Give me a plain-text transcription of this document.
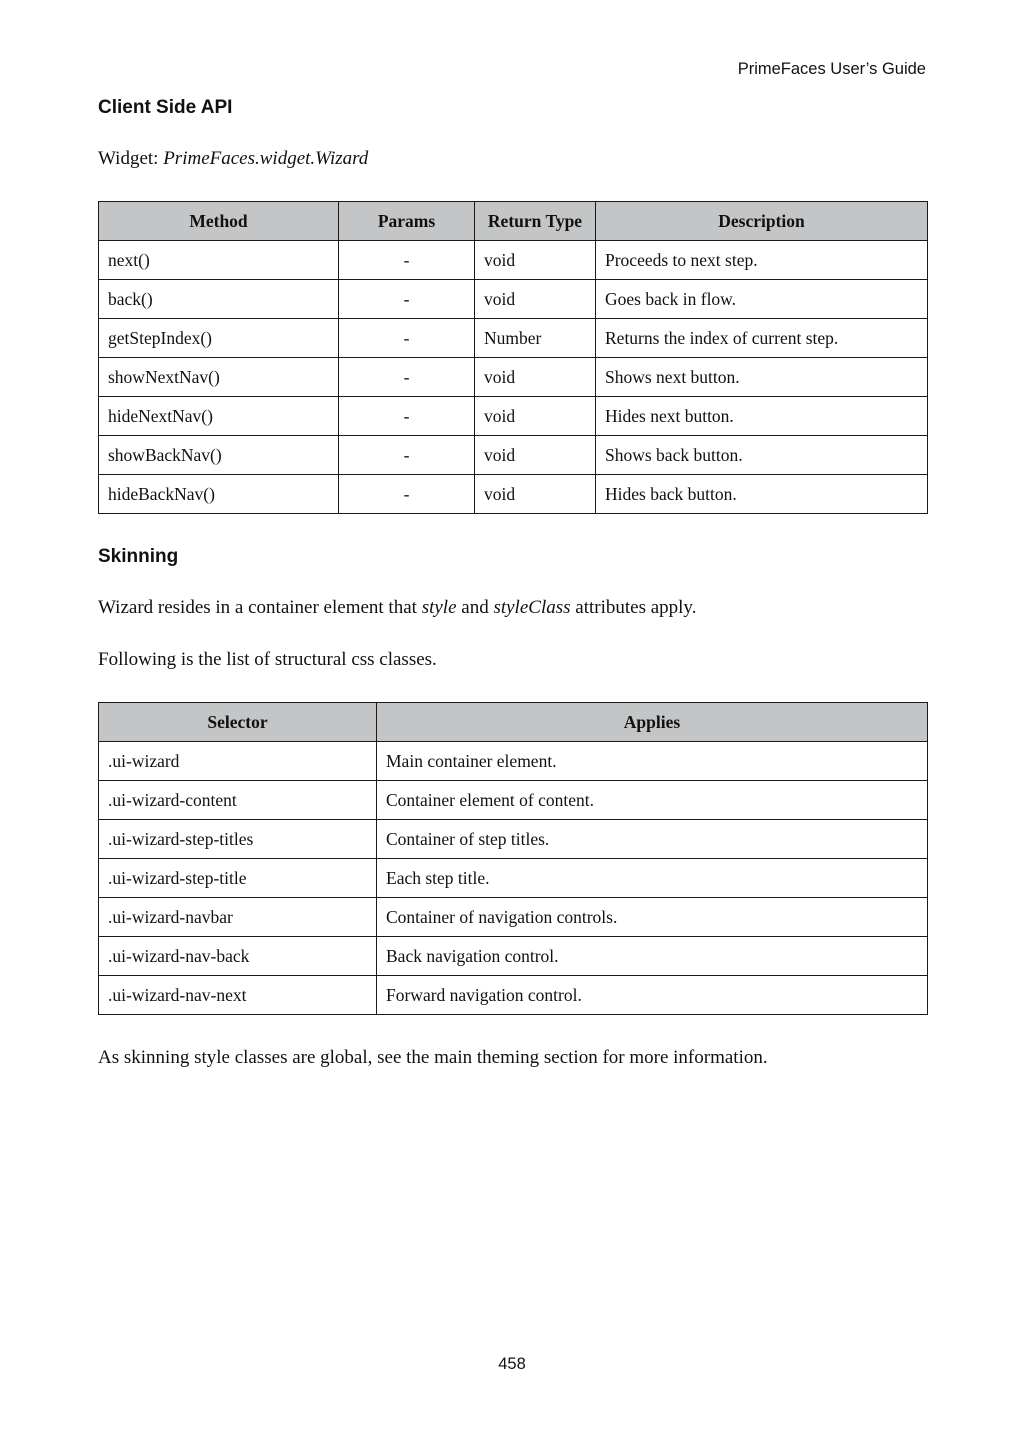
PrimeFaces User’s Guide
Client Side API

Widget: PrimeFaces.widget.Wizard

Method	Params	Return Type	Description
next()	-	void	Proceeds to next step.
back()	-	void	Goes back in flow.
getStepIndex()	-	Number	Returns the index of current step.
showNextNav()	-	void	Shows next button.
hideNextNav()	-	void	Hides next button.
showBackNav()	-	void	Shows back button.
hideBackNav()	-	void	Hides back button.
Skinning

Wizard resides in a container element that style and styleClass attributes apply.

Following is the list of structural css classes.

Selector	Applies
.ui-wizard	Main container element.
.ui-wizard-content	Container element of content.
.ui-wizard-step-titles	Container of step titles.
.ui-wizard-step-title	Each step title.
.ui-wizard-navbar	Container of navigation controls.
.ui-wizard-nav-back	Back navigation control.
.ui-wizard-nav-next	Forward navigation control.

As skinning style classes are global, see the main theming section for more information.

458
